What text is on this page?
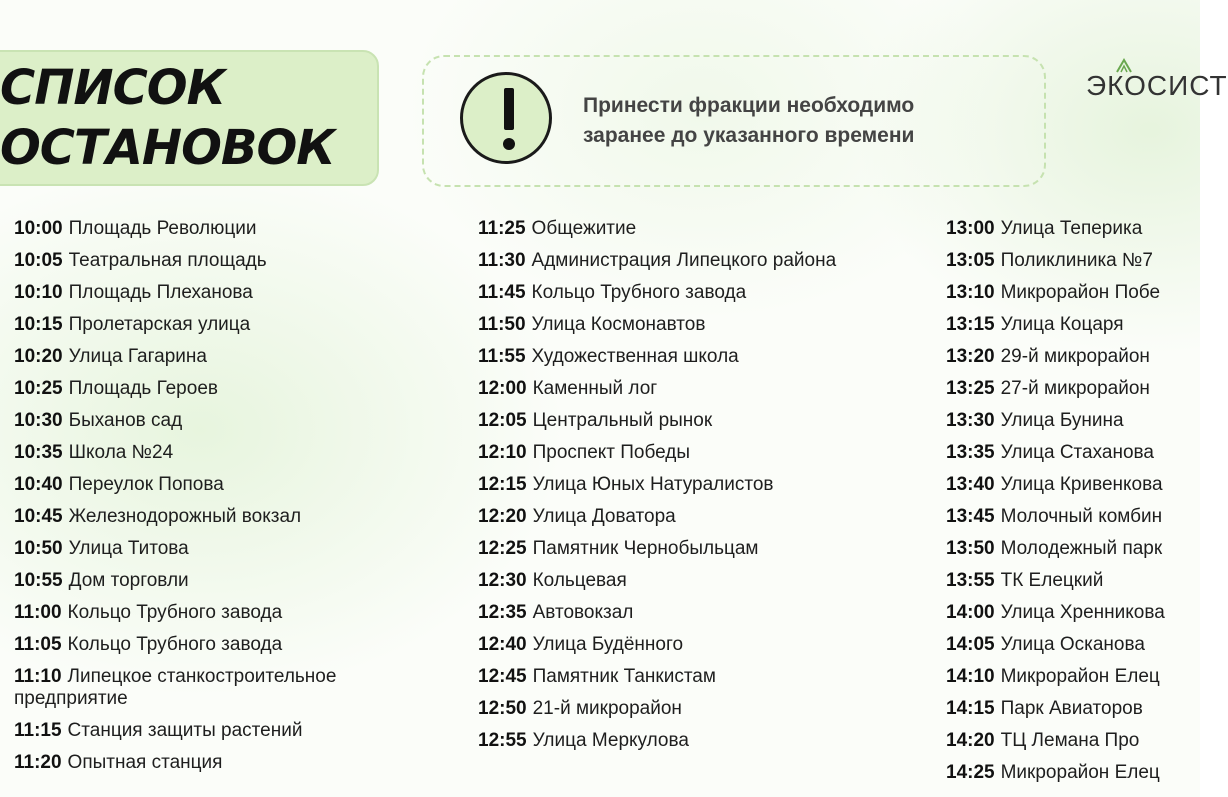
СПИСОК
ОСТАНОВОК
Принести фракции необходимо
заранее до указанного времени
ЭКОСИСТ
10:00 Площадь Революции
10:05 Театральная площадь
10:10 Площадь Плеханова
10:15 Пролетарская улица
10:20 Улица Гагарина
10:25 Площадь Героев
10:30 Быханов сад
10:35 Школа №24
10:40 Переулок Попова
10:45 Железнодорожный вокзал
10:50 Улица Титова
10:55 Дом торговли
11:00 Кольцо Трубного завода
11:05 Кольцо Трубного завода
11:10 Липецкое станкостроительное предприятие
11:15 Станция защиты растений
11:20 Опытная станция
11:25 Общежитие
11:30 Администрация Липецкого района
11:45 Кольцо Трубного завода
11:50 Улица Космонавтов
11:55 Художественная школа
12:00 Каменный лог
12:05 Центральный рынок
12:10 Проспект Победы
12:15 Улица Юных Натуралистов
12:20 Улица Доватора
12:25 Памятник Чернобыльцам
12:30 Кольцевая
12:35 Автовокзал
12:40 Улица Будённого
12:45 Памятник Танкистам
12:50 21-й микрорайон
12:55 Улица Меркулова
13:00 Улица Теперика
13:05 Поликлиника №7
13:10 Микрорайон Побе
13:15 Улица Коцаря
13:20 29-й микрорайон
13:25 27-й микрорайон
13:30 Улица Бунина
13:35 Улица Стаханова
13:40 Улица Кривенкова
13:45 Молочный комбин
13:50 Молодежный парк
13:55 ТК Елецкий
14:00 Улица Хренникова
14:05 Улица Осканова
14:10 Микрорайон Елец
14:15 Парк Авиаторов
14:20 ТЦ Лемана Про
14:25 Микрорайон Елец
